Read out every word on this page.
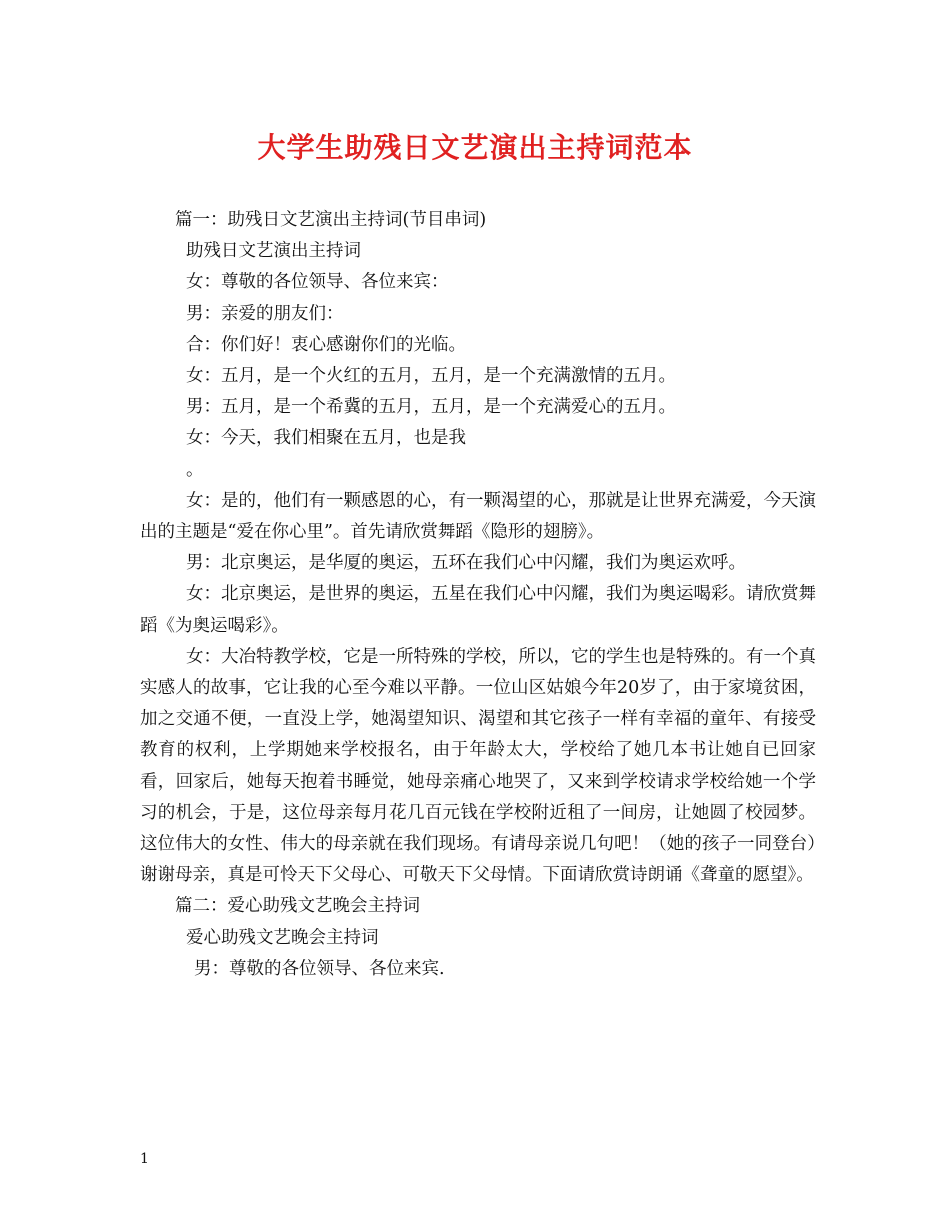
大学生助残日文艺演出主持词范本

篇一：助残日文艺演出主持词(节目串词)

助残日文艺演出主持词

女：尊敬的各位领导、各位来宾：

男：亲爱的朋友们：

合：你们好！衷心感谢你们的光临。

女：五月，是一个火红的五月，五月，是一个充满激情的五月。

男：五月，是一个希冀的五月，五月，是一个充满爱心的五月。

女：今天，我们相聚在五月，也是我

。

女：是的，他们有一颗感恩的心，有一颗渴望的心，那就是让世界充满爱，今天演出的主题是“爱在你心里”。首先请欣赏舞蹈《隐形的翅膀》。

男：北京奥运，是华厦的奥运，五环在我们心中闪耀，我们为奥运欢呼。

女：北京奥运，是世界的奥运，五星在我们心中闪耀，我们为奥运喝彩。请欣赏舞蹈《为奥运喝彩》。

女：大冶特教学校，它是一所特殊的学校，所以，它的学生也是特殊的。有一个真实感人的故事，它让我的心至今难以平静。一位山区姑娘今年20岁了，由于家境贫困，加之交通不便，一直没上学，她渴望知识、渴望和其它孩子一样有幸福的童年、有接受教育的权利，上学期她来学校报名，由于年龄太大，学校给了她几本书让她自已回家看，回家后，她每天抱着书睡觉，她母亲痛心地哭了，又来到学校请求学校给她一个学习的机会，于是，这位母亲每月花几百元钱在学校附近租了一间房，让她圆了校园梦。这位伟大的女性、伟大的母亲就在我们现场。有请母亲说几句吧！（她的孩子一同登台）谢谢母亲，真是可怜天下父母心、可敬天下父母情。下面请欣赏诗朗诵《聋童的愿望》。

篇二：爱心助残文艺晚会主持词

爱心助残文艺晚会主持词

男：尊敬的各位领导、各位来宾.

1
